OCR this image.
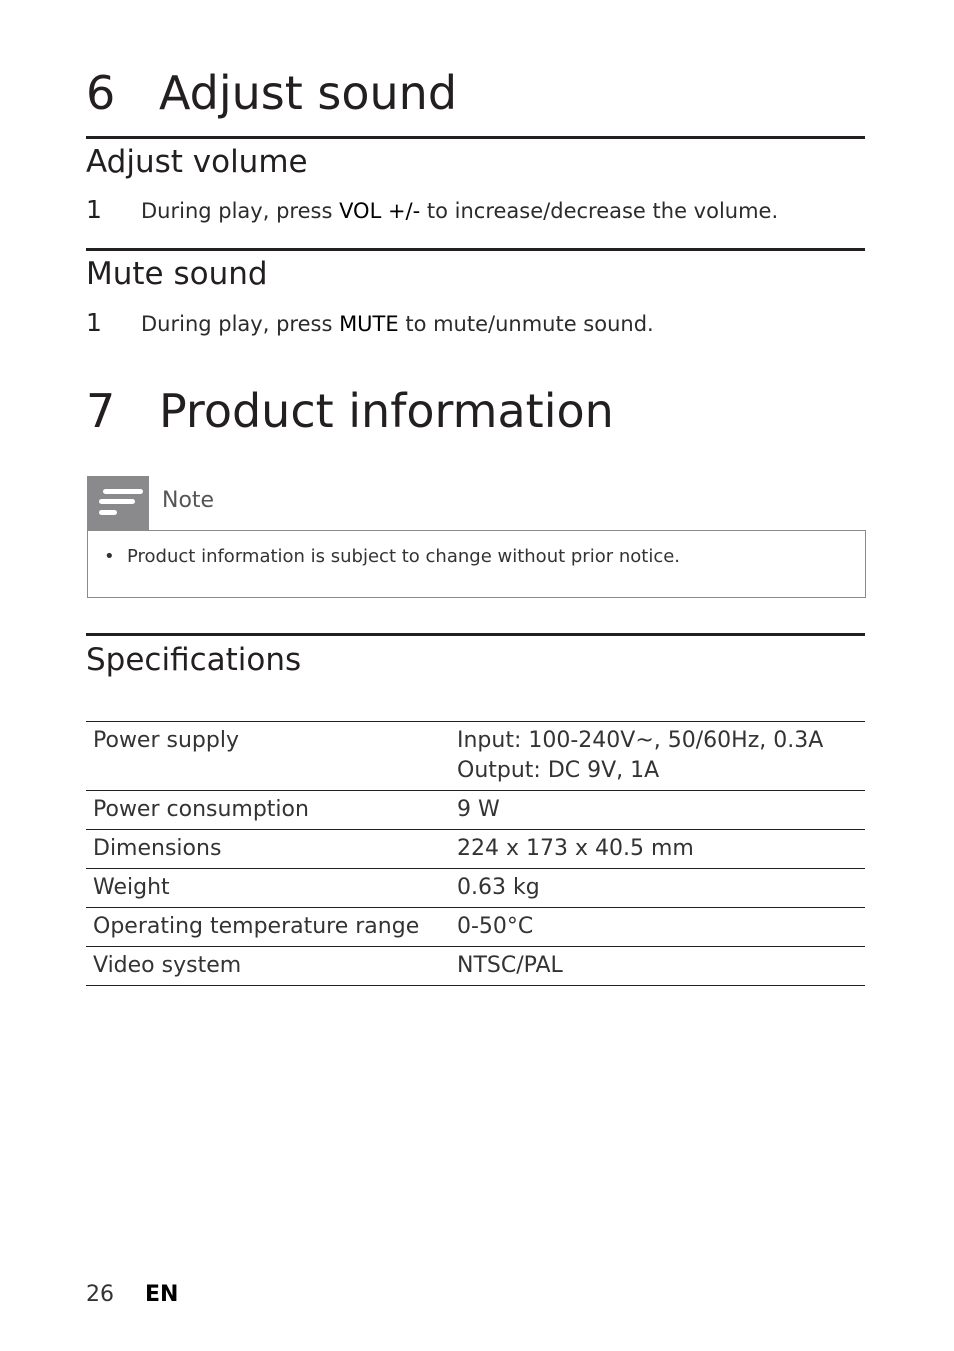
6 Adjust sound
Adjust volume
1 During play, press VOL +/- to increase/decrease the volume.
Mute sound
1 During play, press MUTE to mute/unmute sound.
7 Product information
Note
• Product information is subject to change without prior notice.
Specifications
Power supply	Input: 100-240V~, 50/60Hz, 0.3A
Output: DC 9V, 1A

Power consumption	9 W
Dimensions	224 x 173 x 40.5 mm
Weight	0.63 kg
Operating temperature range	0-50°C
Video system	NTSC/PAL
26 EN
